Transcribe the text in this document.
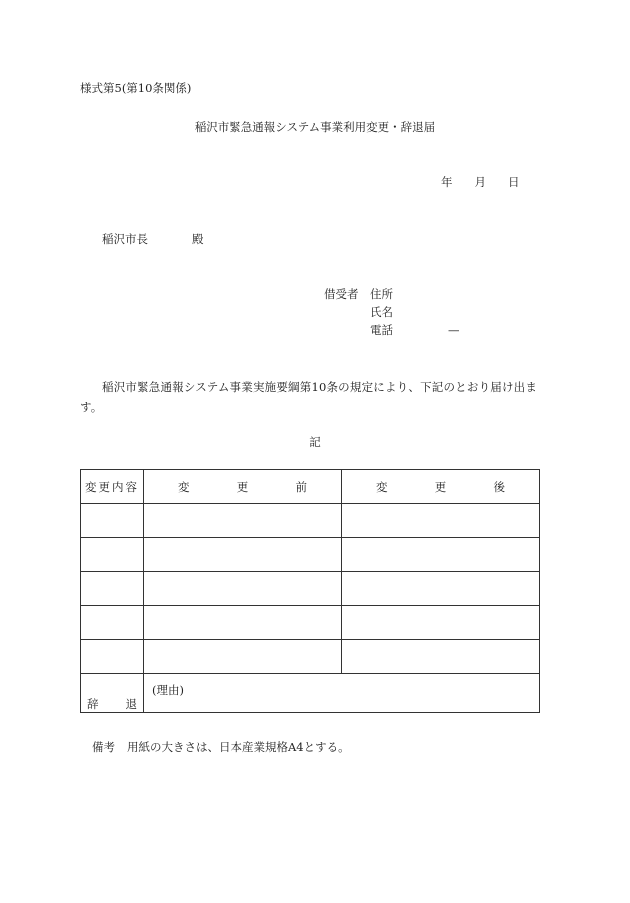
様式第5(第10条関係)
稲沢市緊急通報システム事業利用変更・辞退届
年 月 日
稲沢市長	殿
借受者	住所
氏名
電話	—
稲沢市緊急通報システム事業実施要綱第10条の規定により、下記のとおり届け出ます。
記
変更内容	変 更 前	変 更 後

辞 退	(理由)	
備考 用紙の大きさは、日本産業規格A4とする。
